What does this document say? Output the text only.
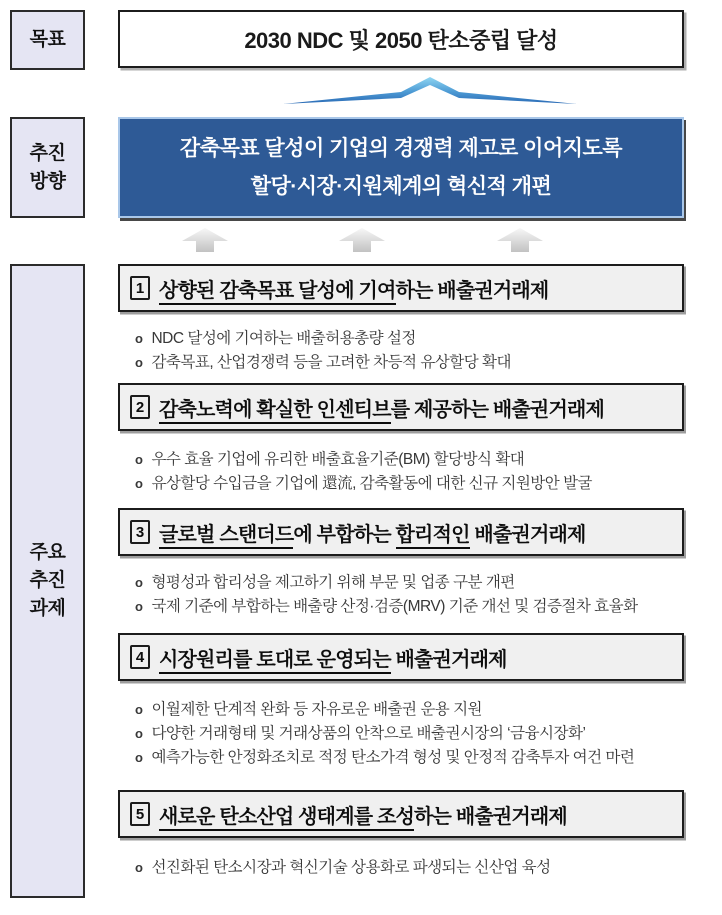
목표	2030 NDC 및 2050 탄소중립 달성
추진
방향
감축목표 달성이 기업의 경쟁력 제고로 이어지도록
할당·시장·지원체계의 혁신적 개편
주요
추진
과제
1 상향된 감축목표 달성에 기여하는 배출권거래제
o NDC 달성에 기여하는 배출허용총량 설정
o 감축목표, 산업경쟁력 등을 고려한 차등적 유상할당 확대
2 감축노력에 확실한 인센티브를 제공하는 배출권거래제
o 우수 효율 기업에 유리한 배출효율기준(BM) 할당방식 확대
o 유상할당 수입금을 기업에 還流, 감축활동에 대한 신규 지원방안 발굴
3 글로벌 스탠더드에 부합하는 합리적인 배출권거래제
o 형평성과 합리성을 제고하기 위해 부문 및 업종 구분 개편
o 국제 기준에 부합하는 배출량 산정·검증(MRV) 기준 개선 및 검증절차 효율화
4 시장원리를 토대로 운영되는 배출권거래제
o 이월제한 단계적 완화 등 자유로운 배출권 운용 지원
o 다양한 거래형태 및 거래상품의 안착으로 배출권시장의 ‘금융시장화’
o 예측가능한 안정화조치로 적정 탄소가격 형성 및 안정적 감축투자 여건 마련
5 새로운 탄소산업 생태계를 조성하는 배출권거래제
o 선진화된 탄소시장과 혁신기술 상용화로 파생되는 신산업 육성
